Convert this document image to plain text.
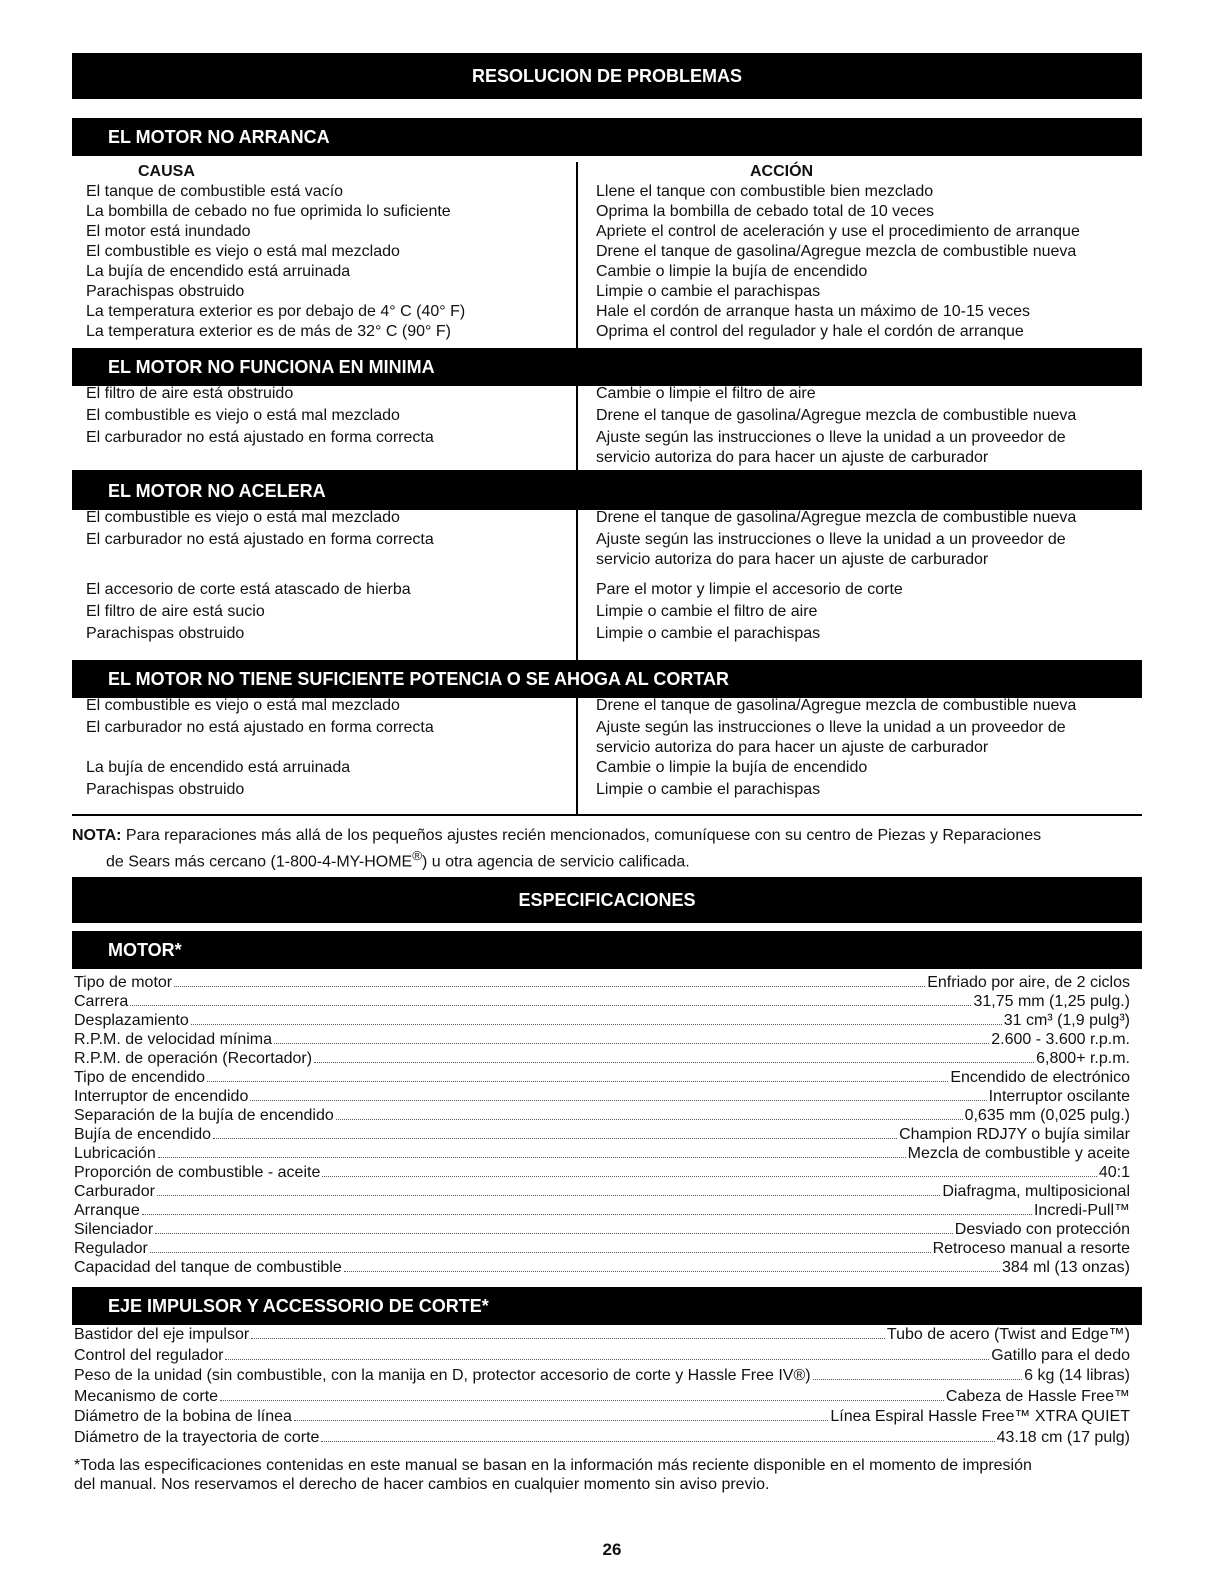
RESOLUCION DE PROBLEMAS
EL MOTOR NO ARRANCA
CAUSA	ACCIÓN
El tanque de combustible está vacío	Llene el tanque con combustible bien mezclado
La bombilla de cebado no fue oprimida lo suficiente	Oprima la bombilla de cebado total de 10 veces
El motor está inundado	Apriete el control de aceleración y use el procedimiento de arranque
El combustible es viejo o está mal mezclado	Drene el tanque de gasolina/Agregue mezcla de combustible nueva
La bujía de encendido está arruinada	Cambie o limpie la bujía de encendido
Parachispas obstruido	Limpie o cambie el parachispas
La temperatura exterior es por debajo de 4° C (40° F)	Hale el cordón de arranque hasta un máximo de 10-15 veces
La temperatura exterior es de más de 32° C (90° F)	Oprima el control del regulador y hale el cordón de arranque
EL MOTOR NO FUNCIONA EN MINIMA
El filtro de aire está obstruido	Cambie o limpie el filtro de aire
El combustible es viejo o está mal mezclado	Drene el tanque de gasolina/Agregue mezcla de combustible nueva
El carburador no está ajustado en forma correcta	Ajuste según las instrucciones o lleve la unidad a un proveedor de
servicio autoriza do para hacer un ajuste de carburador
EL MOTOR NO ACELERA
El combustible es viejo o está mal mezclado	Drene el tanque de gasolina/Agregue mezcla de combustible nueva
El carburador no está ajustado en forma correcta	Ajuste según las instrucciones o lleve la unidad a un proveedor de
servicio autoriza do para hacer un ajuste de carburador
El accesorio de corte está atascado de hierba	Pare el motor y limpie el accesorio de corte
El filtro de aire está sucio	Limpie o cambie el filtro de aire
Parachispas obstruido	Limpie o cambie el parachispas
EL MOTOR NO TIENE SUFICIENTE POTENCIA O SE AHOGA AL CORTAR
El combustible es viejo o está mal mezclado	Drene el tanque de gasolina/Agregue mezcla de combustible nueva
El carburador no está ajustado en forma correcta	Ajuste según las instrucciones o lleve la unidad a un proveedor de
servicio autoriza do para hacer un ajuste de carburador
La bujía de encendido está arruinada	Cambie o limpie la bujía de encendido
Parachispas obstruido	Limpie o cambie el parachispas
NOTA: Para reparaciones más allá de los pequeños ajustes recién mencionados, comuníquese con su centro de Piezas y Reparaciones
de Sears más cercano (1-800-4-MY-HOME®) u otra agencia de servicio calificada.
ESPECIFICACIONES
MOTOR*
Tipo de motor	Enfriado por aire, de 2 ciclos
Carrera	31,75 mm (1,25 pulg.)
Desplazamiento	31 cm³ (1,9 pulg³)
R.P.M. de velocidad mínima	2.600 - 3.600 r.p.m.
R.P.M. de operación (Recortador)	6,800+ r.p.m.
Tipo de encendido	Encendido de electrónico
Interruptor de encendido	Interruptor oscilante
Separación de la bujía de encendido	0,635 mm (0,025 pulg.)
Bujía de encendido	Champion RDJ7Y o bujía similar
Lubricación	Mezcla de combustible y aceite
Proporción de combustible - aceite	40:1
Carburador	Diafragma, multiposicional
Arranque	Incredi-Pull™
Silenciador	Desviado con protección
Regulador	Retroceso manual a resorte
Capacidad del tanque de combustible	384 ml (13 onzas)
EJE IMPULSOR Y ACCESSORIO DE CORTE*
Bastidor del eje impulsor	Tubo de acero (Twist and Edge™)
Control del regulador	Gatillo para el dedo
Peso de la unidad (sin combustible, con la manija en D, protector accesorio de corte y Hassle Free IV®)	6 kg (14 libras)
Mecanismo de corte	Cabeza de Hassle Free™
Diámetro de la bobina de línea	Línea Espiral Hassle Free™ XTRA QUIET
Diámetro de la trayectoria de corte	43.18 cm (17 pulg)
*Toda las especificaciones contenidas en este manual se basan en la información más reciente disponible en el momento de impresión
del manual. Nos reservamos el derecho de hacer cambios en cualquier momento sin aviso previo.
26
